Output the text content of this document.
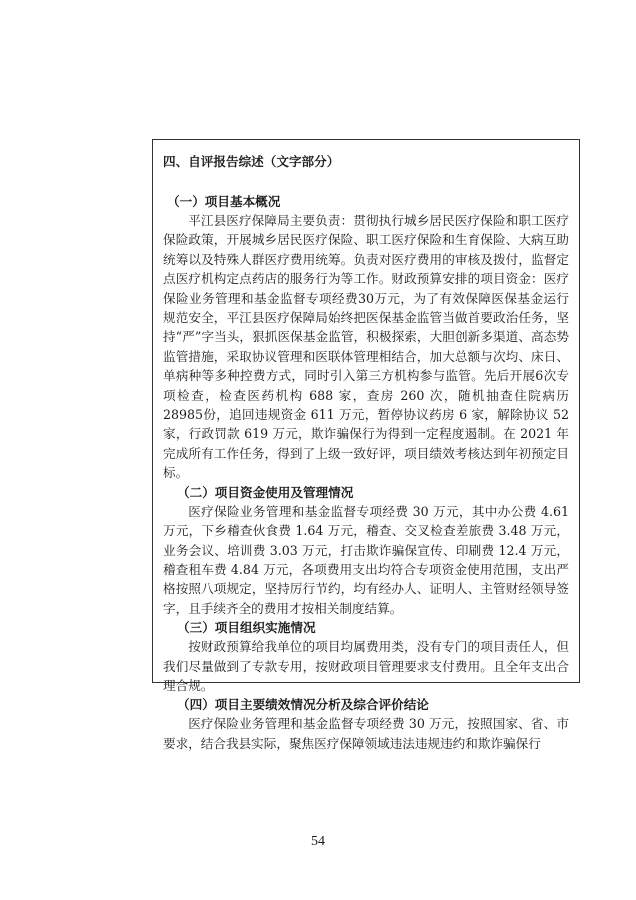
四、自评报告综述（文字部分）

（一）项目基本概况

平江县医疗保障局主要负责：贯彻执行城乡居民医疗保险和职工医疗保险政策，开展城乡居民医疗保险、职工医疗保险和生育保险、大病互助统筹以及特殊人群医疗费用统筹。负责对医疗费用的审核及拨付，监督定点医疗机构定点药店的服务行为等工作。财政预算安排的项目资金：医疗保险业务管理和基金监督专项经费30万元，为了有效保障医保基金运行规范安全，平江县医疗保障局始终把医保基金监管当做首要政治任务，坚持“严”字当头，狠抓医保基金监管，积极探索，大胆创新多渠道、高态势监管措施，采取协议管理和医联体管理相结合，加大总额与次均、床日、单病种等多种控费方式，同时引入第三方机构参与监管。先后开展6次专项检查，检查医药机构 688 家，查房 260 次，随机抽查住院病历 28985份，追回违规资金 611 万元，暂停协议药房 6 家，解除协议 52 家，行政罚款 619 万元，欺诈骗保行为得到一定程度遏制。在 2021 年完成所有工作任务，得到了上级一致好评，项目绩效考核达到年初预定目标。

（二）项目资金使用及管理情况

医疗保险业务管理和基金监督专项经费 30 万元，其中办公费 4.61 万元，下乡稽查伙食费 1.64 万元，稽查、交叉检查差旅费 3.48 万元，业务会议、培训费 3.03 万元，打击欺诈骗保宣传、印刷费 12.4 万元，稽查租车费 4.84 万元，各项费用支出均符合专项资金使用范围，支出严格按照八项规定，坚持厉行节约，均有经办人、证明人、主管财经领导签字，且手续齐全的费用才按相关制度结算。

（三）项目组织实施情况

按财政预算给我单位的项目均属费用类，没有专门的项目责任人，但我们尽量做到了专款专用，按财政项目管理要求支付费用。且全年支出合理合规。

（四）项目主要绩效情况分析及综合评价结论

医疗保险业务管理和基金监督专项经费 30 万元，按照国家、省、市要求，结合我县实际，聚焦医疗保障领域违法违规违约和欺诈骗保行

54
